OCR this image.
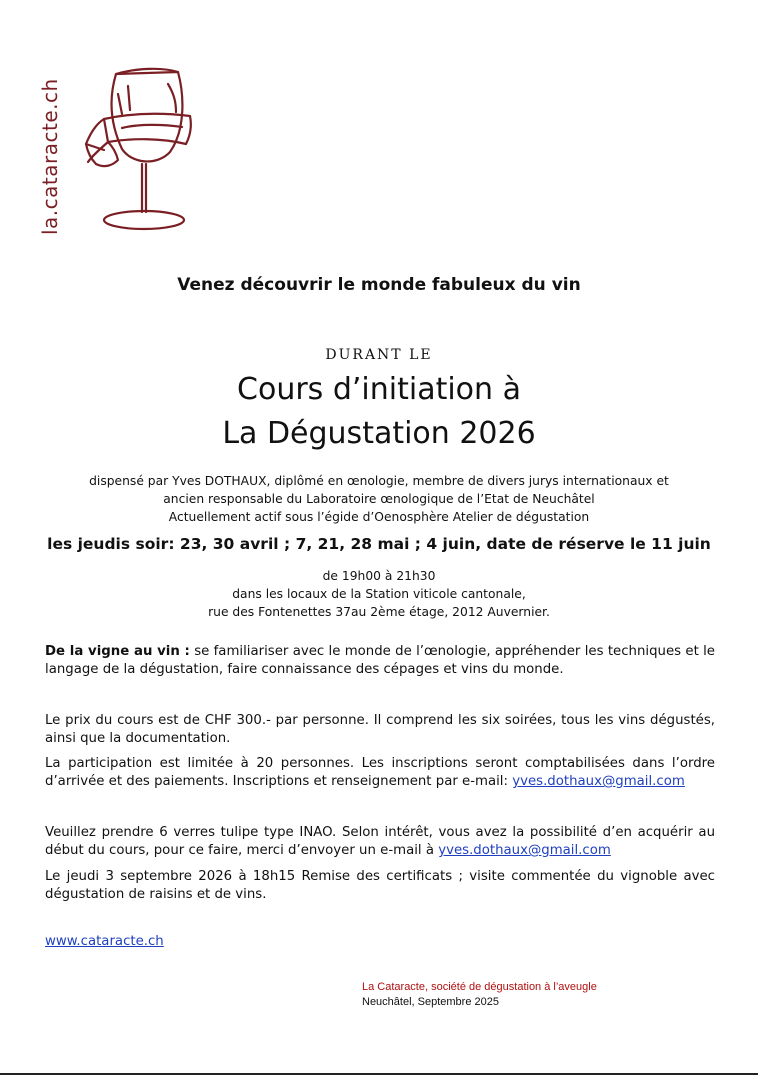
la.cataracte.ch
Venez découvrir le monde fabuleux du vin
DURANT LE
Cours d’initiation à
La Dégustation 2026
dispensé par Yves DOTHAUX, diplômé en œnologie, membre de divers jurys internationaux et
ancien responsable du Laboratoire œnologique de l’Etat de Neuchâtel
Actuellement actif sous l’égide d’Oenosphère Atelier de dégustation
les jeudis soir: 23, 30 avril ; 7, 21, 28 mai ; 4 juin, date de réserve le 11 juin
de 19h00 à 21h30
dans les locaux de la Station viticole cantonale,
rue des Fontenettes 37au 2ème étage, 2012 Auvernier.
De la vigne au vin : se familiariser avec le monde de l’œnologie, appréhender les techniques et le langage de la dégustation, faire connaissance des cépages et vins du monde.
Le prix du cours est de CHF 300.- par personne. Il comprend les six soirées, tous les vins dégustés, ainsi que la documentation.
La participation est limitée à 20 personnes. Les inscriptions seront comptabilisées dans l’ordre d’arrivée et des paiements. Inscriptions et renseignement par e-mail: yves.dothaux@gmail.com
Veuillez prendre 6 verres tulipe type INAO. Selon intérêt, vous avez la possibilité d’en acquérir au début du cours, pour ce faire, merci d’envoyer un e-mail à yves.dothaux@gmail.com
Le jeudi 3 septembre 2026 à 18h15 Remise des certificats ; visite commentée du vignoble avec dégustation de raisins et de vins.
www.cataracte.ch
La Cataracte, société de dégustation à l’aveugle
Neuchâtel, Septembre 2025
